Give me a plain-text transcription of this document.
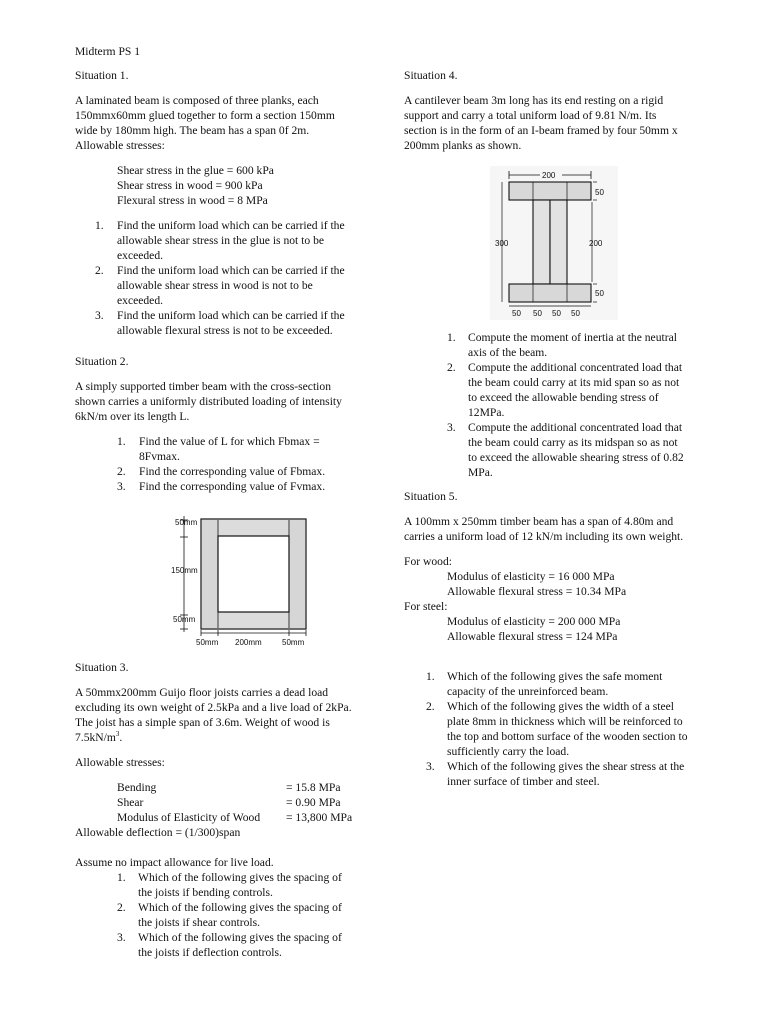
Midterm PS 1

Situation 1.

A laminated beam is composed of three planks, each

150mmx60mm glued together to form a section 150mm

wide by 180mm high. The beam has a span 0f 2m.

Allowable stresses:

Shear stress in the glue = 600 kPa

Shear stress in wood = 900 kPa

Flexural stress in wood = 8 MPa

1. Find the uniform load which can be carried if the

allowable shear stress in the glue is not to be

exceeded.

2. Find the uniform load which can be carried if the

allowable shear stress in wood is not to be

exceeded.

3. Find the uniform load which can be carried if the

allowable flexural stress is not to be exceeded.

Situation 2.

A simply supported timber beam with the cross-section

shown carries a uniformly distributed loading of intensity

6kN/m over its length L.

1. Find the value of L for which Fbmax =

8Fvmax.

2. Find the corresponding value of Fbmax.

3. Find the corresponding value of Fvmax.

50mm
150mm
50mm
50mm 200mm	50mm

Situation 3.

A 50mmx200mm Guijo floor joists carries a dead load

excluding its own weight of 2.5kPa and a live load of 2kPa.

The joist has a simple span of 3.6m. Weight of wood is

$7.5kN/m^3$.

Allowable stresses:

Bending	= 15.8 MPa
Shear	= 0.90 MPa
Modulus of Elasticity of Wood = 13,800 MPa

Allowable deflection = (1/300)span

Assume no impact allowance for live load.

1. Which of the following gives the spacing of

the joists if bending controls.

2. Which of the following gives the spacing of

the joists if shear controls.

3. Which of the following gives the spacing of

the joists if deflection controls.

Situation 4.

A cantilever beam 3m long has its end resting on a rigid

support and carry a total uniform load of 9.81 N/m. Its

section is in the form of an I-beam framed by four 50mm x

200mm planks as shown.

200
50
50
300	200
50 50 50 50
1. Compute the moment of inertia at the neutral

axis of the beam.

2. Compute the additional concentrated load that

the beam could carry at its mid span so as not

to exceed the allowable bending stress of

12MPa.

3. Compute the additional concentrated load that

the beam could carry as its midspan so as not

to exceed the allowable shearing stress of 0.82

MPa.

Situation 5.

A 100mm x 250mm timber beam has a span of 4.80m and

carries a uniform load of 12 kN/m including its own weight.

For wood:

Modulus of elasticity = 16 000 MPa

Allowable flexural stress = 10.34 MPa

For steel:

Modulus of elasticity = 200 000 MPa

Allowable flexural stress = 124 MPa

1. Which of the following gives the safe moment

capacity of the unreinforced beam.

2. Which of the following gives the width of a steel

plate 8mm in thickness which will be reinforced to

the top and bottom surface of the wooden section to

sufficiently carry the load.

3. Which of the following gives the shear stress at the

inner surface of timber and steel.
